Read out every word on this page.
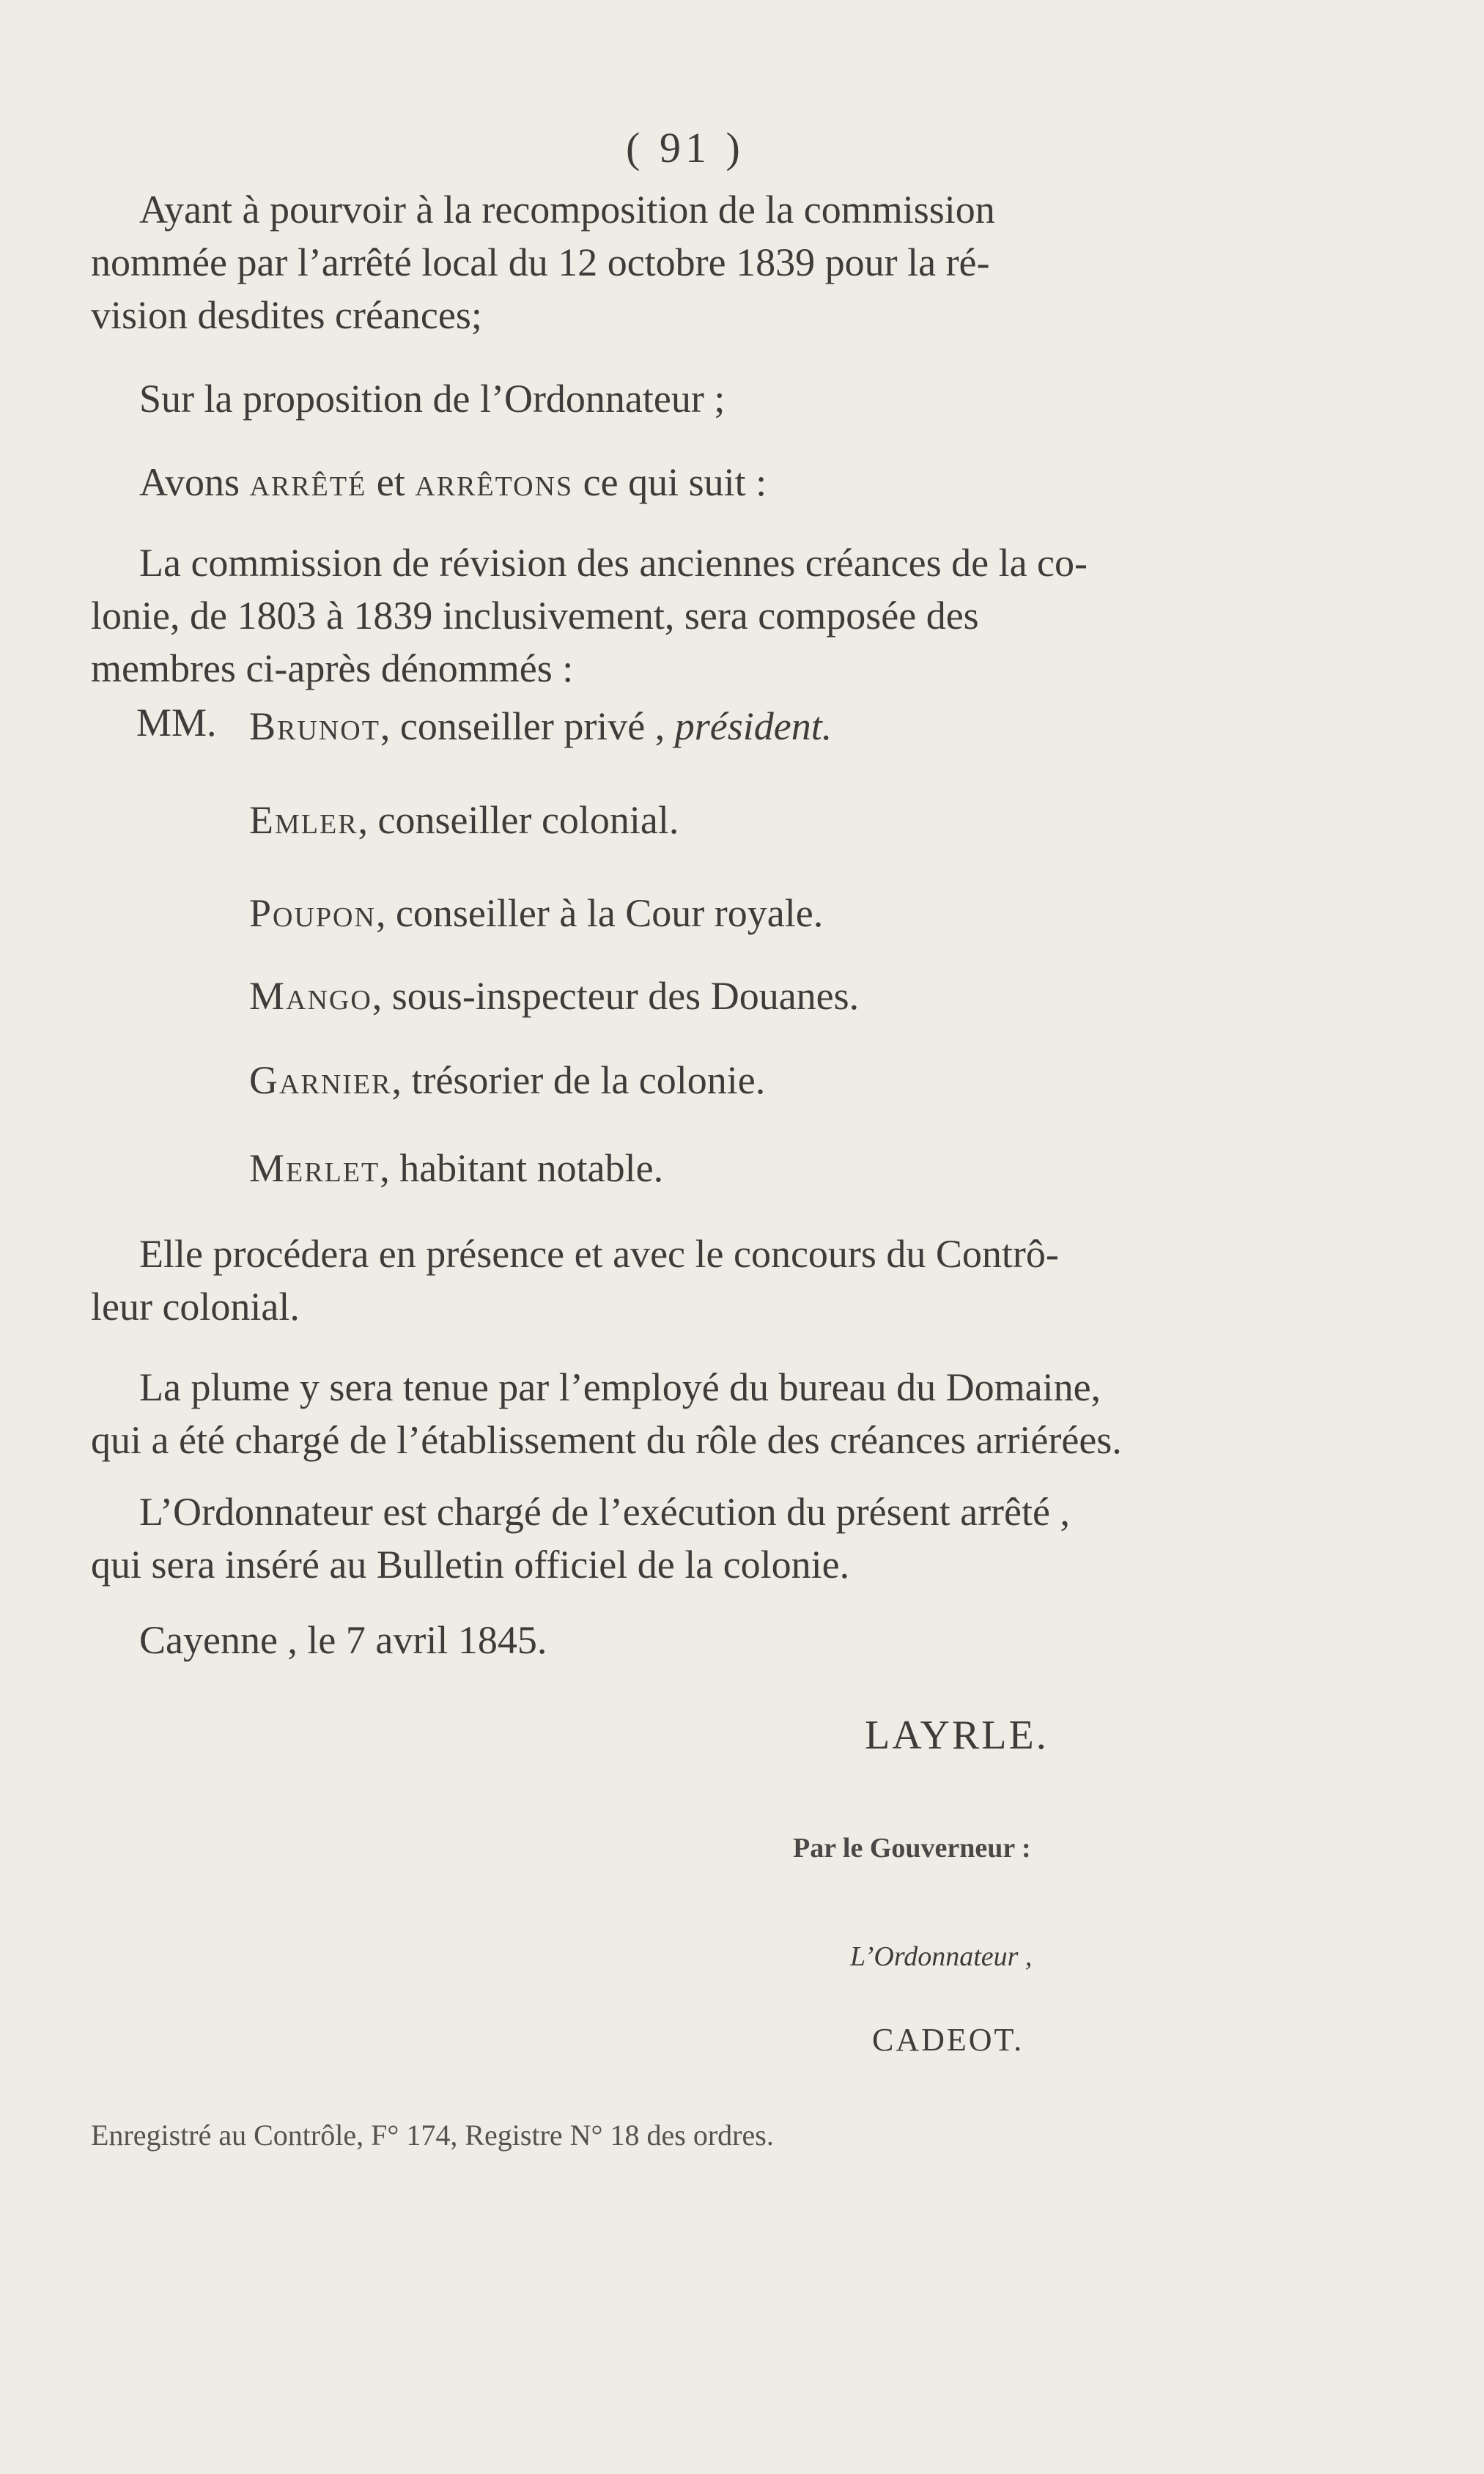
( 91 )

Ayant à pourvoir à la recomposition de la commission
nommée par l’arrêté local du 12 octobre 1839 pour la ré-
vision desdites créances;

Sur la proposition de l’Ordonnateur ;

Avons arrêté et arrêtons ce qui suit :

La commission de révision des anciennes créances de la co-
lonie, de 1803 à 1839 inclusivement, sera composée des
membres ci-après dénommés :

MM. Brunot, conseiller privé , président.
Emler, conseiller colonial.
Poupon, conseiller à la Cour royale.
Mango, sous-inspecteur des Douanes.
Garnier, trésorier de la colonie.
Merlet, habitant notable.

Elle procédera en présence et avec le concours du Contrô-
leur colonial.

La plume y sera tenue par l’employé du bureau du Domaine,
qui a été chargé de l’établissement du rôle des créances arriérées.

L’Ordonnateur est chargé de l’exécution du présent arrêté ,
qui sera inséré au Bulletin officiel de la colonie.

Cayenne , le 7 avril 1845.

LAYRLE.
Par le Gouverneur :
L’Ordonnateur ,
CADEOT.
Enregistré au Contrôle, F° 174, Registre N° 18 des ordres.
